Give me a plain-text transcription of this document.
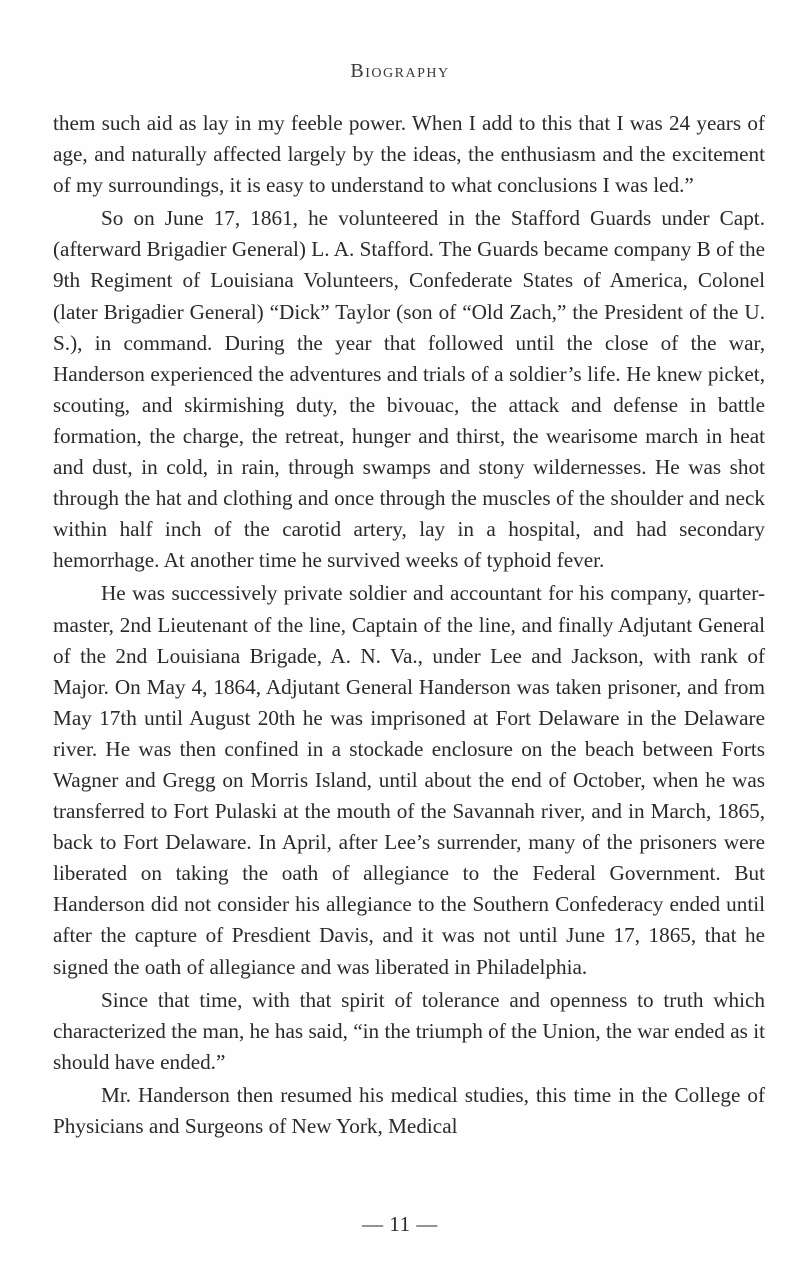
Biography

them such aid as lay in my feeble power. When I add to this that I was 24 years of age, and naturally affected largely by the ideas, the enthusiasm and the excitement of my surroundings, it is easy to understand to what conclusions I was led.”

So on June 17, 1861, he volunteered in the Stafford Guards under Capt. (afterward Brigadier General) L. A. Stafford. The Guards became company B of the 9th Regiment of Louisiana Volunteers, Confederate States of America, Colonel (later Brigadier General) “Dick” Taylor (son of “Old Zach,” the President of the U. S.), in command. During the year that followed until the close of the war, Handerson experienced the adventures and trials of a soldier’s life. He knew picket, scouting, and skirmishing duty, the bivouac, the attack and defense in battle formation, the charge, the retreat, hunger and thirst, the wearisome march in heat and dust, in cold, in rain, through swamps and stony wildernesses. He was shot through the hat and clothing and once through the muscles of the shoulder and neck within half inch of the carotid artery, lay in a hospital, and had secondary hemorrhage. At another time he survived weeks of typhoid fever.

He was successively private soldier and accountant for his company, quarter-master, 2nd Lieutenant of the line, Captain of the line, and finally Adjutant General of the 2nd Louisiana Brigade, A. N. Va., under Lee and Jackson, with rank of Major. On May 4, 1864, Adjutant General Handerson was taken prisoner, and from May 17th until August 20th he was imprisoned at Fort Delaware in the Delaware river. He was then confined in a stockade enclosure on the beach between Forts Wagner and Gregg on Morris Island, until about the end of October, when he was transferred to Fort Pulaski at the mouth of the Savannah river, and in March, 1865, back to Fort Delaware. In April, after Lee’s surrender, many of the prisoners were liberated on taking the oath of allegiance to the Federal Government. But Handerson did not consider his allegiance to the Southern Confederacy ended until after the capture of Presdient Davis, and it was not until June 17, 1865, that he signed the oath of allegiance and was liberated in Philadelphia.

Since that time, with that spirit of tolerance and openness to truth which characterized the man, he has said, “in the triumph of the Union, the war ended as it should have ended.”

Mr. Handerson then resumed his medical studies, this time in the College of Physicians and Surgeons of New York, Medical

— 11 —
